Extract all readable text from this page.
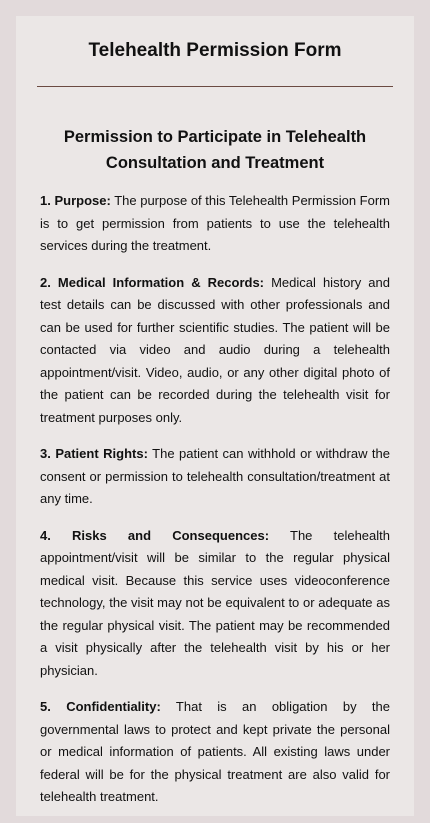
Telehealth Permission Form
Permission to Participate in Telehealth Consultation and Treatment

1. Purpose: The purpose of this Telehealth Permission Form is to get permission from patients to use the telehealth services during the treatment.

2. Medical Information & Records: Medical history and test details can be discussed with other professionals and can be used for further scientific studies. The patient will be contacted via video and audio during a telehealth appointment/visit. Video, audio, or any other digital photo of the patient can be recorded during the telehealth visit for treatment purposes only.

3. Patient Rights: The patient can withhold or withdraw the consent or permission to telehealth consultation/treatment at any time.

4. Risks and Consequences: The telehealth appointment/visit will be similar to the regular physical medical visit. Because this service uses videoconference technology, the visit may not be equivalent to or adequate as the regular physical visit. The patient may be recommended a visit physically after the telehealth visit by his or her physician.

5. Confidentiality: That is an obligation by the governmental laws to protect and kept private the personal or medical information of patients. All existing laws under federal will be for the physical treatment are also valid for telehealth treatment.
